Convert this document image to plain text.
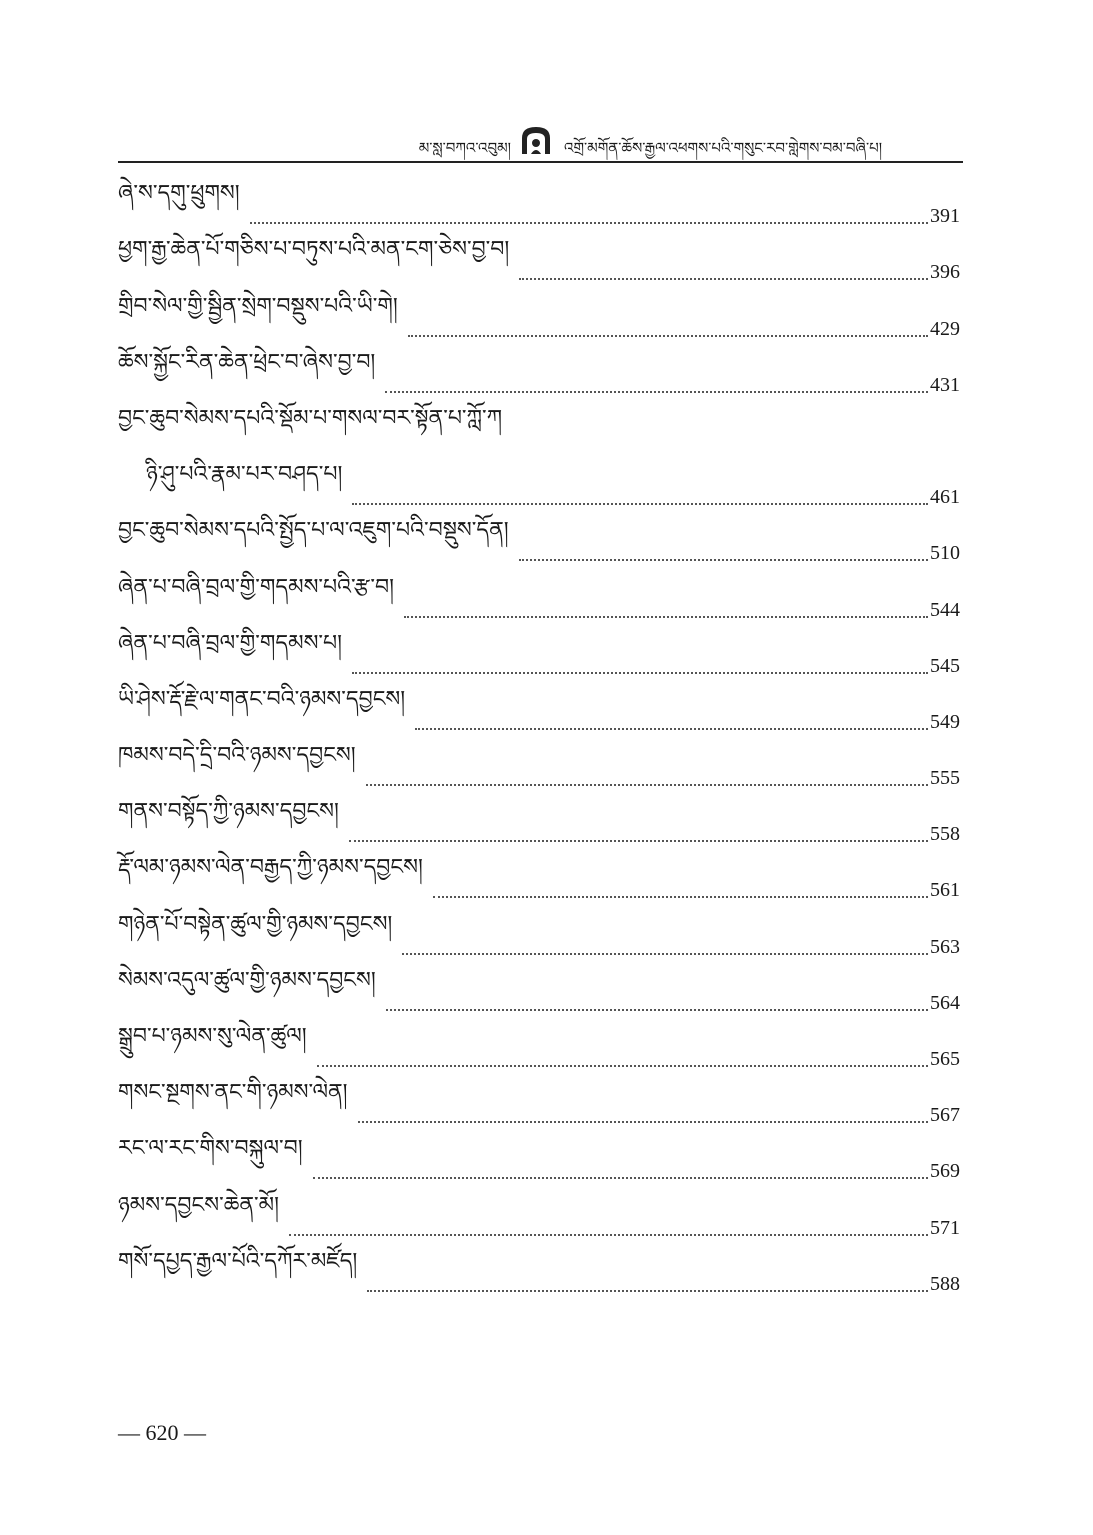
མ་སླ་བཀའ་འབུམ།	འགྲོ་མགོན་ཆོས་རྒྱལ་འཕགས་པའི་གསུང་རབ་གླེགས་བམ་བཞི་པ།
ཞེ་ས་དགུ་ཕྲུགས།
391
ཕྱག་རྒྱ་ཆེན་པོ་གཅིས་པ་བཏུས་པའི་མན་ངག་ཅེས་བྱ་བ།
396
གྲིབ་སེལ་གྱི་སྦྱིན་སྲེག་བསྡུས་པའི་ཡི་གེ།
429
ཆོས་སྐྱོང་རིན་ཆེན་ཕྲེང་བ་ཞེས་བྱ་བ།
431
བྱང་ཆུབ་སེམས་དཔའི་སྡོམ་པ་གསལ་བར་སྟོན་པ་ཀློ་ཀ
ཉི་ཤུ་པའི་རྣམ་པར་བཤད་པ།
461
བྱང་ཆུབ་སེམས་དཔའི་སྤྱོད་པ་ལ་འཇུག་པའི་བསྡུས་དོན།
510
ཞེན་པ་བཞི་བྲལ་གྱི་གདམས་པའི་རྩ་བ།
544
ཞེན་པ་བཞི་བྲལ་གྱི་གདམས་པ།
545
ཡི་ཤེས་རྡོ་རྗེ་ལ་གནང་བའི་ཉམས་དབྱངས།
549
ཁམས་བདེ་དྲི་བའི་ཉམས་དབྱངས།
555
གནས་བསྟོད་ཀྱི་ཉམས་དབྱངས།
558
རྡོ་ལམ་ཉམས་ལེན་བརྒྱད་ཀྱི་ཉམས་དབྱངས།
561
གཉེན་པོ་བསྟེན་ཚུལ་གྱི་ཉམས་དབྱངས།
563
སེམས་འདུལ་ཚུལ་གྱི་ཉམས་དབྱངས།
564
སྒྲུབ་པ་ཉམས་སུ་ལེན་ཚུལ།
565
གསང་སྔགས་ནང་གི་ཉམས་ལེན།
567
རང་ལ་རང་གིས་བསྐུལ་བ།
569
ཉམས་དབྱངས་ཆེན་མོ།
571
གསོ་དཔྱད་རྒྱལ་པོའི་དཀོར་མཛོད།
588
— 620 —
